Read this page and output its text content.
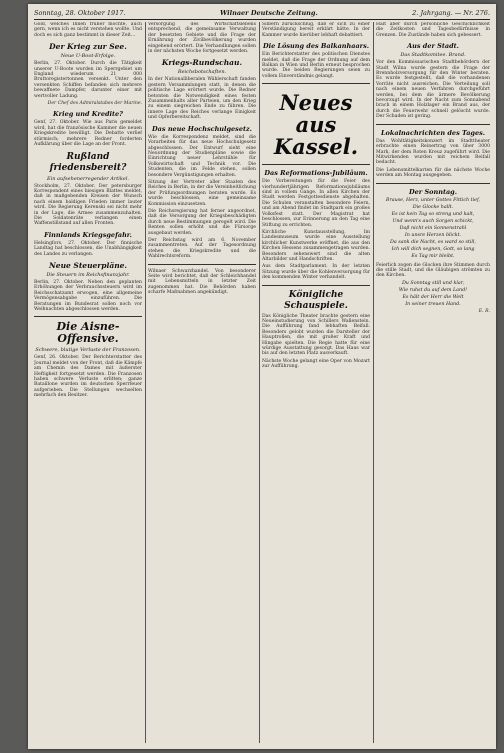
Sonntag, 28. Oktober 1917.	Wilnaer Deutsche Zeitung.	2. Jahrgang. — Nr. 276.

Gold, welches Ihnen früher möchte, auch gern, wenn ich es nicht verstehen wollte. Und doch es sich ganz bestimmt in dieser Zeit...

Der Krieg zur See.
Neue U-Boot-Erfolge.

Berlin, 27. Oktober. Durch die Tätigkeit unserer U-Boote wurden im Sperrgebiet um England wiederum 21 000 Bruttoregistertonnen versenkt. Unter den versenkten Schiffen befanden sich mehrere bewaffnete Dampfer, darunter einer mit wertvoller Ladung.

Der Chef des Admiralstabes der Marine.

Krieg und Kredite?

Genf, 27. Oktober. Wie aus Paris gemeldet wird, hat die französische Kammer die neuen Kriegskredite bewilligt. Die Debatte verlief stürmisch; mehrere Redner forderten Aufklärung über die Lage an der Front.

Rußland friedensbereit?
Ein aufsehenerregender Artikel.

Stockholm, 27. Oktober. Der petersburger Korrespondent eines hiesigen Blattes meldet, daß in maßgebenden Kreisen der Wunsch nach einem baldigen Frieden immer lauter wird. Die Regierung Kerenski sei nicht mehr in der Lage, die Armee zusammenzuhalten. Die Soldatenräte verlangen einen Waffenstillstand auf allen Fronten.

Finnlands Kriegsgefahr.

Helsingfors, 27. Oktober. Der finnische Landtag hat beschlossen, die Unabhängigkeit des Landes zu verlangen.

Neue Steuerpläne.
Die Steuern im Reichsfinanzjahr.

Berlin, 27. Oktober. Neben den geplanten Erhöhungen der Verbrauchssteuern wird im Reichsschatzamt erwogen, eine allgemeine Vermögensabgabe einzuführen. Die Beratungen im Bundesrat sollen noch vor Weihnachten abgeschlossen werden.

Die Aisne-Offensive.
Schwere, blutige Verluste der Franzosen.

Genf, 26. Oktober. Der Berichterstatter des Journal meldet von der Front, daß die Kämpfe am Chemin des Dames mit äußerster Heftigkeit fortgesetzt werden. Die Franzosen haben schwere Verluste erlitten; ganze Bataillone wurden im deutschen Sperrfeuer aufgerieben. Die Stellungen wechselten mehrfach den Besitzer.

Versorgung des Wirtschaftslebens entsprechend, die gemeinsame Verwaltung der besetzten Gebiete und die Frage der Ernährung der Zivilbevölkerung wurden eingehend erörtert. Die Verhandlungen sollen in der nächsten Woche fortgesetzt werden.

Kriegs-Rundschau.
Reichsbotschaften.

In der Nationalliberalen Wählerschaft fanden gestern Versammlungen statt, in denen die politische Lage erörtert wurde. Die Redner betonten die Notwendigkeit eines festen Zusammenhalts aller Parteien, um den Krieg zu einem siegreichen Ende zu führen. Die innere Lage des Reiches verlange Einigkeit und Opferbereitschaft.

Das neue Hochschulgesetz.

Wie die Korrespondenz meldet, sind die Vorarbeiten für das neue Hochschulgesetz abgeschlossen. Der Entwurf sieht eine Neuordnung der Studienpläne sowie die Einrichtung neuer Lehrstühle für Volkswirtschaft und Technik vor. Die Studenten, die im Felde stehen, sollen besondere Vergünstigungen erhalten.

Sitzung der Vertreter aller Staaten des Reiches in Berlin, in der die Vereinheitlichung der Prüfungsordnungen beraten wurde. Es wurde beschlossen, eine gemeinsame Kommission einzusetzen.

Die Reichsregierung hat ferner angeordnet, daß die Versorgung der Kriegsbeschädigten durch neue Bestimmungen geregelt wird. Die Renten sollen erhöht und die Fürsorge ausgebaut werden.

Der Reichstag wird am 6. November zusammentreten. Auf der Tagesordnung stehen die Kriegskredite und die Wahlrechtsreform.

Wilnaer Schwarzhandel. Von besonderer Seite wird berichtet, daß der Schleichhandel mit Lebensmitteln in letzter Zeit zugenommen hat. Die Behörden haben scharfe Maßnahmen angekündigt.

Silbern zurückschlug, daß er sich zu einer Verständigung bereit erklärt hätte. In der Kammer wurde hierüber lebhaft debattiert.

Die Lösung des Balkanhaars.

Ein Berichterstatter des politischen Dienstes meldet, daß die Frage der Ordnung auf dem Balkan in Wien und Berlin erneut besprochen wurde. Die beiden Regierungen seien zu vollem Einverständnis gelangt.

Neues aus Kassel.
Das Reformations-Jubiläum.

Die Vorbereitungen für die Feier des vierhundertjährigen Reformationsjubiläums sind in vollem Gange. In allen Kirchen der Stadt werden Festgottesdienste abgehalten. Die Schulen veranstalten besondere Feiern, und am Abend findet im Stadtpark ein großes Volksfest statt. Der Magistrat hat beschlossen, zur Erinnerung an den Tag eine Stiftung zu errichten.

Kirchliche Kunstausstellung. Im Landesmuseum wurde eine Ausstellung kirchlicher Kunstwerke eröffnet, die aus den Kirchen Hessens zusammengetragen wurden. Besonders sehenswert sind die alten Altarbilder und Handschriften.

Aus dem Stadtparlament. In der letzten Sitzung wurde über die Kohlenversorgung für den kommenden Winter verhandelt.

Königliche Schauspiele.

Das Königliche Theater brachte gestern eine Neueinstudierung von Schillers Wallenstein. Die Aufführung fand lebhaften Beifall. Besonders gelobt wurden die Darsteller der Hauptrollen, die mit großer Kraft und Hingabe spielten. Die Regie hatte für eine würdige Ausstattung gesorgt. Das Haus war bis auf den letzten Platz ausverkauft.

Nächste Woche gelangt eine Oper von Mozart zur Aufführung.

Hält aber durch persönliche Geschicklichkeit die Zeitkosten und Tagesbedürfnisse in Grenzen. Die Zustände haben sich gebessert.

Aus der Stadt.
Das Stadtkomitee. Brand.

Vor den Kommissarischen Stadtbehördern der Stadt Wilna wurde gestern die Frage der Brennholzversorgung für den Winter beraten. Es wurde festgestellt, daß die vorhandenen Vorräte nicht ausreichen. Die Verteilung soll nach einem neuen Verfahren durchgeführt werden, bei dem die ärmere Bevölkerung bevorzugt wird. In der Nacht zum Sonnabend brach in einem Holzlager ein Brand aus, der durch die Feuerwehr schnell gelöscht wurde. Der Schaden ist gering.

Lokalnachrichten des Tages.

Das Wohltätigkeitskonzert im Stadttheater erbrachte einen Reinertrag von über 3000 Mark, der dem Roten Kreuz zugeführt wird. Die Mitwirkenden wurden mit reichem Beifall bedacht.

Die Lebensmittelkarten für die nächste Woche werden am Montag ausgegeben.

Der Sonntag.
Brause, Herz, unter Gottes Fittich tief,
Die Glocke hallt.
Es ist kein Tag so streng und kalt,
Und wenn's auch Sorgen schickt,
Daß nicht ein Sonnenstrahl
In unsre Herzen blickt.
Da sank die Nacht, es ward so still,
Ich will dich segnen, Gott, so lang
Es Tag mir bleibt.

Feierlich zogen die Glocken ihre Stimmen durch die stille Stadt, und die Gläubigen strömten zu den Kirchen.

Du Sonntag still und klar,
Wie ruhst du auf dem Land!
Es hält der Herr die Welt
In seiner treuen Hand.

E. R.
